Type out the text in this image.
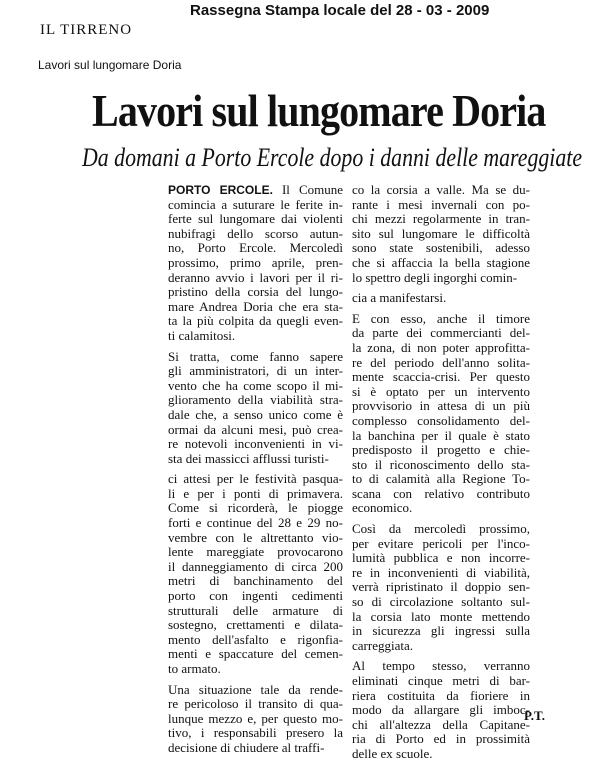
Rassegna Stampa locale del 28 - 03 - 2009
IL TIRRENO
Lavori sul lungomare Doria
Lavori sul lungomare Doria
Da domani a Porto Ercole dopo i danni delle mareggiate
PORTO ERCOLE. Il Comune
comincia a suturare le ferite in-
ferte sul lungomare dai violenti
nubifragi dello scorso autun-
no, Porto Ercole. Mercoledì
prossimo, primo aprile, pren-
deranno avvio i lavori per il ri-
pristino della corsia del lungo-
mare Andrea Doria che era sta-
ta la più colpita da quegli even-
ti calamitosi.
Si tratta, come fanno sapere
gli amministratori, di un inter-
vento che ha come scopo il mi-
glioramento della viabilità stra-
dale che, a senso unico come è
ormai da alcuni mesi, può crea-
re notevoli inconvenienti in vi-
sta dei massicci afflussi turisti-
ci attesi per le festività pasqua-
li e per i ponti di primavera.
Come si ricorderà, le piogge
forti e continue del 28 e 29 no-
vembre con le altrettanto vio-
lente mareggiate provocarono
il danneggiamento di circa 200
metri di banchinamento del
porto con ingenti cedimenti
strutturali delle armature di
sostegno, crettamenti e dilata-
mento dell'asfalto e rigonfia-
menti e spaccature del cemen-
to armato.
Una situazione tale da rende-
re pericoloso il transito di qua-
lunque mezzo e, per questo mo-
tivo, i responsabili presero la
decisione di chiudere al traffi-
co la corsia a valle. Ma se du-
rante i mesi invernali con po-
chi mezzi regolarmente in tran-
sito sul lungomare le difficoltà
sono state sostenibili, adesso
che si affaccia la bella stagione
lo spettro degli ingorghi comin-
cia a manifestarsi.
E con esso, anche il timore
da parte dei commercianti del-
la zona, di non poter approfitta-
re del periodo dell'anno solita-
mente scaccia-crisi. Per questo
si è optato per un intervento
provvisorio in attesa di un più
complesso consolidamento del-
la banchina per il quale è stato
predisposto il progetto e chie-
sto il riconoscimento dello sta-
to di calamità alla Regione To-
scana con relativo contributo
economico.
Così da mercoledì prossimo,
per evitare pericoli per l'inco-
lumità pubblica e non incorre-
re in inconvenienti di viabilità,
verrà ripristinato il doppio sen-
so di circolazione soltanto sul-
la corsia lato monte mettendo
in sicurezza gli ingressi sulla
carreggiata.
Al tempo stesso, verranno
eliminati cinque metri di bar-
riera costituita da fioriere in
modo da allargare gli imboc-
chi all'altezza della Capitane-
ria di Porto ed in prossimità
delle ex scuole.
P.T.
